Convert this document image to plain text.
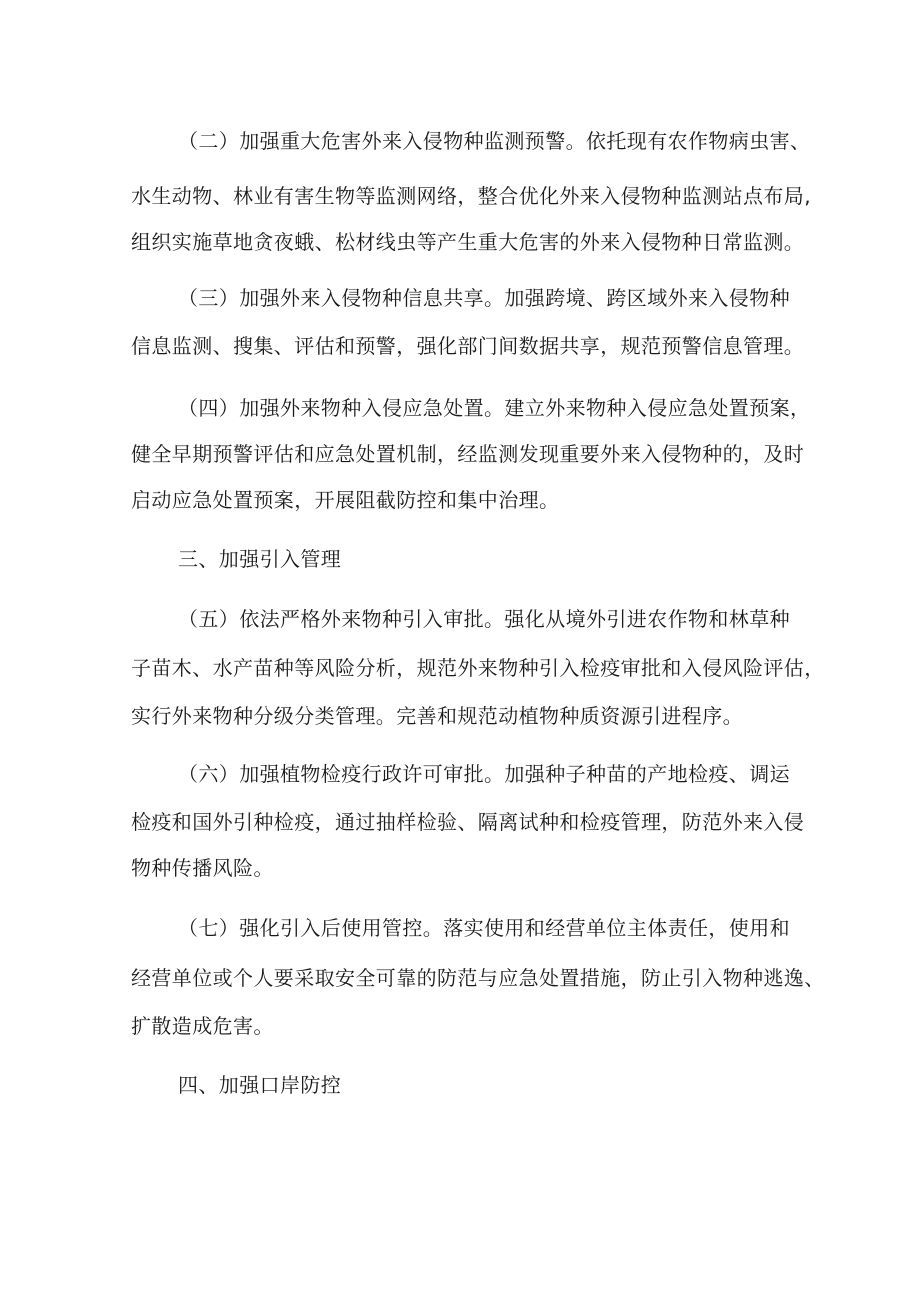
（二）加强重大危害外来入侵物种监测预警。依托现有农作物病虫害、
水生动物、林业有害生物等监测网络，整合优化外来入侵物种监测站点布局,
组织实施草地贪夜蛾、松材线虫等产生重大危害的外来入侵物种日常监测。
（三）加强外来入侵物种信息共享。加强跨境、跨区域外来入侵物种
信息监测、搜集、评估和预警，强化部门间数据共享，规范预警信息管理。
（四）加强外来物种入侵应急处置。建立外来物种入侵应急处置预案，
健全早期预警评估和应急处置机制，经监测发现重要外来入侵物种的，及时
启动应急处置预案，开展阻截防控和集中治理。
三、加强引入管理
（五）依法严格外来物种引入审批。强化从境外引进农作物和林草种
子苗木、水产苗种等风险分析，规范外来物种引入检疫审批和入侵风险评估，
实行外来物种分级分类管理。完善和规范动植物种质资源引进程序。
（六）加强植物检疫行政许可审批。加强种子种苗的产地检疫、调运
检疫和国外引种检疫，通过抽样检验、隔离试种和检疫管理，防范外来入侵
物种传播风险。
（七）强化引入后使用管控。落实使用和经营单位主体责任，使用和
经营单位或个人要采取安全可靠的防范与应急处置措施，防止引入物种逃逸、
扩散造成危害。
四、加强口岸防控
